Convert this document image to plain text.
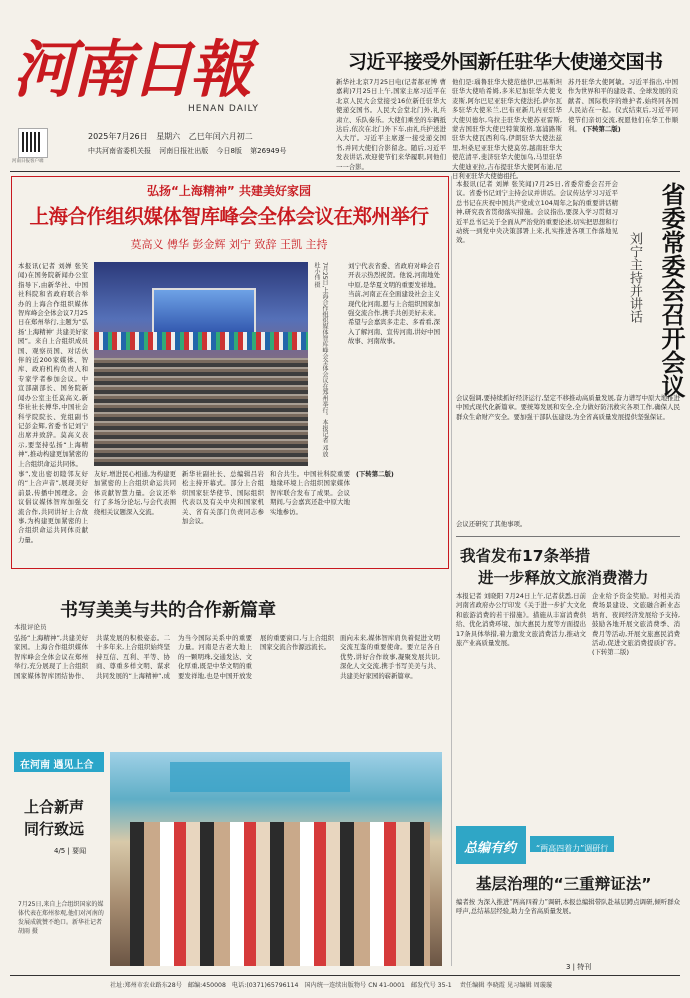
河南日報
HENAN DAILY
河南日报客户端
2025年7月26日 星期六 乙巳年闰六月初二
中共河南省委机关报 河南日报社出版 今日8版 第26949号
习近平接受外国新任驻华大使递交国书
新华社北京7月25日电(记者郝亚博 曹嘉莉)7月25日上午,国家主席习近平在北京人民大会堂接受16位新任驻华大使递交国书。人民大会堂北门外,礼兵肃立、乐队奏乐。大使们乘坐的车辆抵达后,依次在北门外下车,由礼兵护送进入大厅。习近平主席逐一接受递交国书,并同大使们合影留念。随后,习近平发表讲话,欢迎使节们来华履职,同他们一一合影。
他们是:瑙鲁驻华大使范德伊,巴基斯坦驻华大使哈希姆,多米尼加驻华大使戈麦斯,阿尔巴尼亚驻华大使法托,萨尔瓦多驻华大使米兰,巴布亚新几内亚驻华大使贝德尔,乌拉圭驻华大使苏亚雷斯,蒙古国驻华大使巴特策策格,塞浦路斯驻华大使瓦西利乌,伊朗驻华大使法兹里,坦桑尼亚驻华大使莫劳,越南驻华大使范清平,斐济驻华大使加乌,马里驻华大使迪亚拉,吉布提驻华大使阿布迪,尼日利亚驻华大使德祖托。
苏丹驻华大使阿敏。习近平指出,中国作为世界和平的建设者、全球发展的贡献者、国际秩序的维护者,始终同各国人民站在一起。仪式结束后,习近平同使节们亲切交流,祝愿他们在华工作顺利。 (下转第二版)
弘扬“上海精神” 共建美好家园
上海合作组织媒体智库峰会全体会议在郑州举行
莫高义 傅华 彭金辉 刘宁 致辞 王凯 主持
本报讯(记者 刘婵 张笑闻)在国务院新闻办公室指导下,由新华社、中国社科院和省政府联合举办的上海合作组织媒体智库峰会全体会议7月25日在郑州举行,主题为“弘扬‘上海精神’ 共建美好家园”。来自上合组织成员国、观察员国、对话伙伴的近200家媒体、智库、政府机构负责人和专家学者参加会议。中宣部副部长、国务院新闻办公室主任莫高义,新华社社长傅华,中国社会科学院院长、党组副书记彭金辉,省委书记刘宁出席并致辞。莫高义表示,要坚持弘扬“上海精神”,推动构建更加紧密的上合组织命运共同体。
7月25日,上海合作组织媒体智库峰会全体会议在郑州举行。本报记者 邓放 杜小伟 摄	刘宁代表省委、省政府对峰会召开表示热烈祝贺。他说,河南地处中原,是华夏文明的重要发祥地。当前,河南正在全面建设社会主义现代化河南,愿与上合组织国家加强交流合作,携手共创美好未来。希望与会嘉宾多走走、多看看,深入了解河南、宣传河南,讲好中国故事、河南故事。
事”,发出密切睦邻友好的“上合声音”,展现美好前景,传播中国理念。会议倡议媒体智库加强交流合作,共同讲好上合故事,为构建更加紧密的上合组织命运共同体贡献力量。
友好,增进民心相通,为构建更加紧密的上合组织命运共同体贡献智慧力量。会议还举行了多场分论坛,与会代表围绕相关议题深入交流。
新华社副社长、总编辑吕岩松主持开幕式。部分上合组织国家驻华使节、国际组织代表以及有关中央和国家机关、省有关部门负责同志参加会议。
和合共生。中国社科院重要地缘环境上合组织国家媒体智库联合发布了成果。会议期间,与会嘉宾还赴中原大地实地参访。
(下转第二版)
省委常委会召开会议
刘宁主持并讲话
本报讯(记者 刘婵 张笑闻)7月25日,省委常委会召开会议。省委书记刘宁主持会议并讲话。会议传达学习习近平总书记在庆祝中国共产党成立104周年之际的重要讲话精神,研究我省贯彻落实措施。会议指出,要深入学习贯彻习近平总书记关于全面从严治党的重要论述,切实把思想和行动统一到党中央决策部署上来,扎实推进各项工作落地见效。
会议强调,要持续抓好经济运行,坚定不移推动高质量发展,奋力谱写中原大地推进中国式现代化新篇章。要统筹发展和安全,全力做好防汛救灾各项工作,确保人民群众生命财产安全。要加强干部队伍建设,为全省高质量发展提供坚强保证。
会议还研究了其他事项。
我省发布17条举措
进一步释放文旅消费潜力
本报记者 刘晓阳 7月24日上午,记者获悉,日前河南省政府办公厅印发《关于进一步扩大文化和旅游消费的若干措施》。措施从丰富消费供给、优化消费环境、加大惠民力度等方面提出17条具体举措,着力激发文旅消费活力,推动文旅产业高质量发展。
企业给予资金奖励。对相关消费场景建设、文旅融合新业态培育、夜间经济发展给予支持,鼓励各地开展文旅消费季、消费月等活动,开展文旅惠民消费活动,促进文旅消费提质扩容。(下转第二版)
书写美美与共的合作新篇章
本报评论员
弘扬“上海精神”,共建美好家园。上海合作组织媒体智库峰会全体会议在郑州举行,充分展现了上合组织国家媒体智库团结协作、共谋发展的积极姿态。二十多年来,上合组织始终坚持互信、互利、平等、协商、尊重多样文明、谋求共同发展的“上海精神”,成为当今国际关系中的重要力量。河南是古老大地上的一颗明珠,交通发达、文化厚重,既是中华文明的重要发祥地,也是中国开放发展的重要窗口,与上合组织国家交流合作源远流长。
面向未来,媒体智库肩负着促进文明交流互鉴的重要使命。要立足各自优势,讲好合作故事,凝聚发展共识,深化人文交流,携手书写美美与共、共建美好家园的崭新篇章。
在河南 遇见上合
上合新声
同行致远
4/5 | 要闻
7月25日,来自上合组织国家的媒体代表在郑州参观,他们对河南的发展成就赞不绝口。新华社记者 胡雨 摄
总编有约	“两高四着力”调研行
基层治理的“三重辩证法”
编者按 为深入推进“两高四着力”调研,本报总编辑带队赴基层蹲点调研,倾听群众呼声,总结基层经验,助力全省高质量发展。
3 | 特刊
社址:郑州市农业路东28号 邮编:450008 电话:(0371)65796114 国内统一连续出版物号 CN 41-0001 邮发代号 35-1 责任编辑 李晓霞 见习编辑 周璇璇
